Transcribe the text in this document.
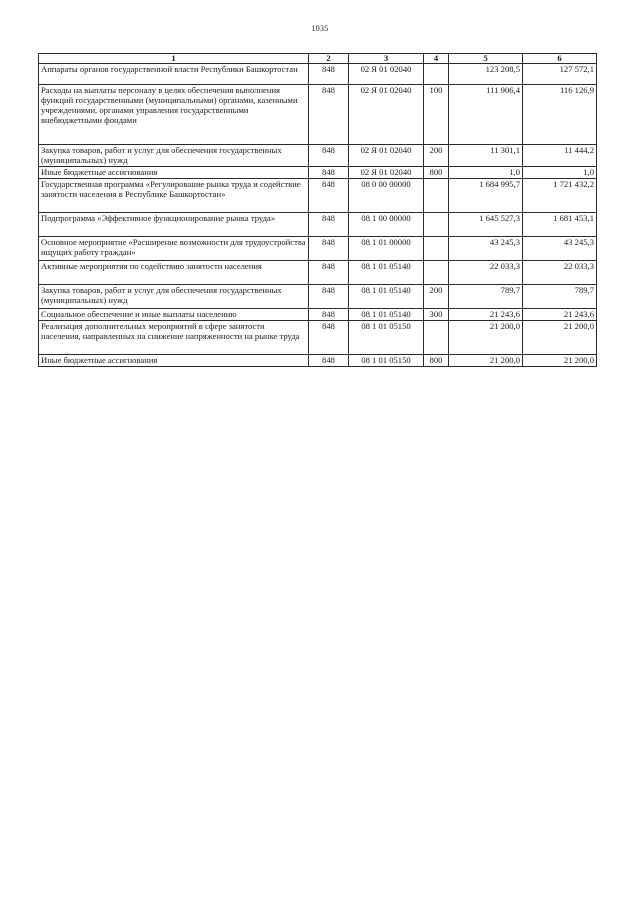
1035
1	2	3	4	5	6
Аппараты органов государственной власти Республики Башкортостан	848	02 Я 01 02040		123 208,5	127 572,1
Расходы на выплаты персоналу в целях обеспечения выполнения функций государственными (муниципальными) органами, казенными учреждениями, органами управления государственными внебюджетными фондами	848	02 Я 01 02040	100	111 906,4	116 126,9
Закупка товаров, работ и услуг для обеспечения государственных (муниципальных) нужд	848	02 Я 01 02040	200	11 301,1	11 444,2
Иные бюджетные ассигнования	848	02 Я 01 02040	800	1,0	1,0
Государственная программа «Регулирование рынка труда и содействие занятости населения в Республике Башкортостан»	848	08 0 00 00000		1 684 995,7	1 721 432,2
Подпрограмма «Эффективное функционирование рынка труда»	848	08 1 00 00000		1 645 527,3	1 681 453,1
Основное мероприятие «Расширение возможности для трудоустройства ищущих работу граждан»	848	08 1 01 00000		43 245,3	43 245,3
Активные мероприятия по содействию занятости населения	848	08 1 01 05140		22 033,3	22 033,3
Закупка товаров, работ и услуг для обеспечения государственных (муниципальных) нужд	848	08 1 01 05140	200	789,7	789,7
Социальное обеспечение и иные выплаты населению	848	08 1 01 05140	300	21 243,6	21 243,6
Реализация дополнительных мероприятий в сфере занятости населения, направленных на снижение напряженности на рынке труда	848	08 1 01 05150		21 200,0	21 200,0
Иные бюджетные ассигнования	848	08 1 01 05150	800	21 200,0	21 200,0
